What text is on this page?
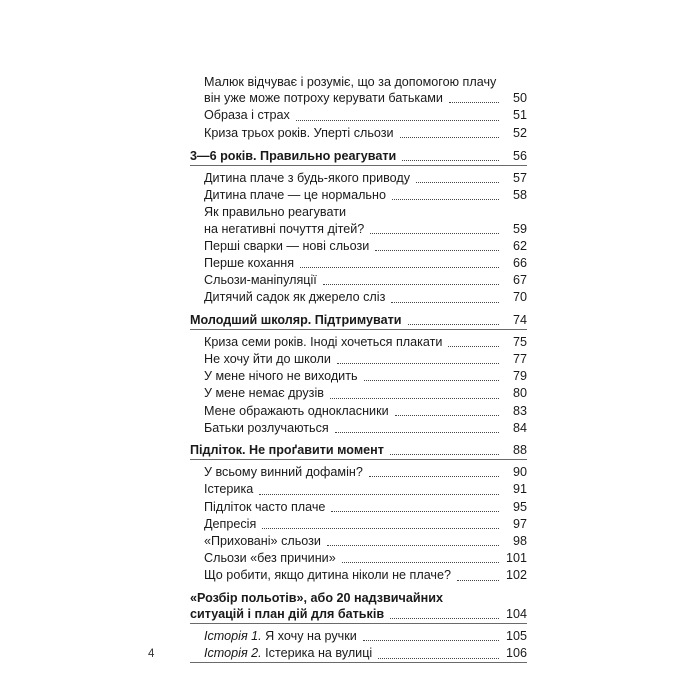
Малюк відчуває і розуміє, що за допомогою плачу
він уже може потроху керувати батьками	50
Образа і страх	51
Криза трьох років. Уперті сльози	52
3—6 років. Правильно реагувати	56
Дитина плаче з будь-якого приводу	57
Дитина плаче — це нормально	58
Як правильно реагувати
на негативні почуття дітей?	59
Перші сварки — нові сльози	62
Перше кохання	66
Сльози-маніпуляції	67
Дитячий садок як джерело сліз	70
Молодший школяр. Підтримувати	74
Криза семи років. Іноді хочеться плакати	75
Не хочу йти до школи	77
У мене нічого не виходить	79
У мене немає друзів	80
Мене ображають однокласники	83
Батьки розлучаються	84
Підліток. Не проґавити момент	88
У всьому винний дофамін?	90
Істерика	91
Підліток часто плаче	95
Депресія	97
«Приховані» сльози	98
Сльози «без причини»	101
Що робити, якщо дитина ніколи не плаче?	102
«Розбір польотів», або 20 надзвичайних
ситуацій і план дій для батьків	104
Історія 1. Я хочу на ручки	105
Історія 2. Істерика на вулиці	106
4
